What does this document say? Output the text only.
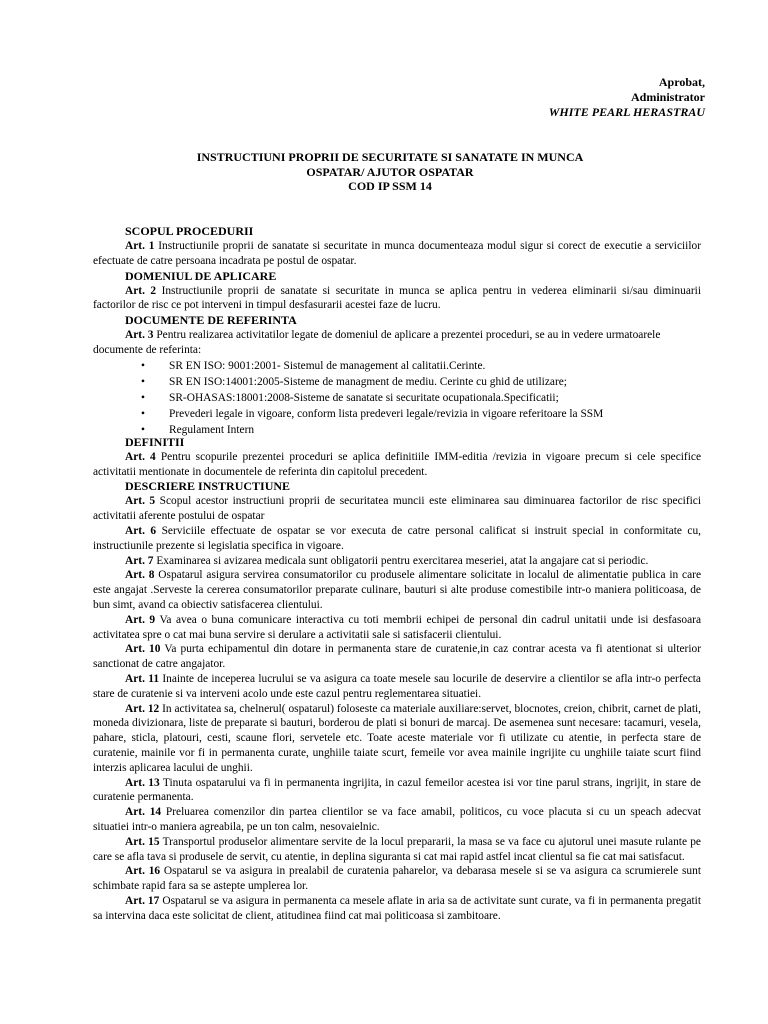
Aprobat,
Administrator
WHITE PEARL HERASTRAU
INSTRUCTIUNI PROPRII DE SECURITATE SI SANATATE IN MUNCA
OSPATAR/ AJUTOR OSPATAR
COD IP SSM 14
SCOPUL PROCEDURII
Art. 1 Instructiunile proprii de sanatate si securitate in munca documenteaza modul sigur si corect de executie a serviciilor efectuate de catre persoana incadrata pe postul de ospatar.
DOMENIUL DE APLICARE
Art. 2 Instructiunile proprii de sanatate si securitate in munca se aplica pentru in vederea eliminarii si/sau diminuarii factorilor de risc ce pot interveni in timpul desfasurarii acestei faze de lucru.
DOCUMENTE DE REFERINTA
Art. 3 Pentru realizarea activitatilor legate de domeniul de aplicare a prezentei proceduri, se au in vedere urmatoarele documente de referinta:
• SR EN ISO: 9001:2001- Sistemul de management al calitatii.Cerinte.
• SR EN ISO:14001:2005-Sisteme de managment de mediu. Cerinte cu ghid de utilizare;
• SR-OHASAS:18001:2008-Sisteme de sanatate si securitate ocupationala.Specificatii;
• Prevederi legale in vigoare, conform lista predeveri legale/revizia in vigoare referitoare la SSM
• Regulament Intern
DEFINITII
Art. 4 Pentru scopurile prezentei proceduri se aplica definitiile IMM-editia /revizia in vigoare precum si cele specifice activitatii mentionate in documentele de referinta din capitolul precedent.
DESCRIERE INSTRUCTIUNE
Art. 5 Scopul acestor instructiuni proprii de securitatea muncii este eliminarea sau diminuarea factorilor de risc specifici activitatii aferente postului de ospatar
Art. 6 Serviciile effectuate de ospatar se vor executa de catre personal calificat si instruit special in conformitate cu, instructiunile prezente si legislatia specifica in vigoare.
Art. 7 Examinarea si avizarea medicala sunt obligatorii pentru exercitarea meseriei, atat la angajare cat si periodic.
Art. 8 Ospatarul asigura servirea consumatorilor cu produsele alimentare solicitate in localul de alimentatie publica in care este angajat .Serveste la cererea consumatorilor preparate culinare, bauturi si alte produse comestibile intr-o maniera politicoasa, de bun simt, avand ca obiectiv satisfacerea clientului.
Art. 9 Va avea o buna comunicare interactiva cu toti membrii echipei de personal din cadrul unitatii unde isi desfasoara activitatea spre o cat mai buna servire si derulare a activitatii sale si satisfacerii clientului.
Art. 10 Va purta echipamentul din dotare in permanenta stare de curatenie,in caz contrar acesta va fi atentionat si ulterior sanctionat de catre angajator.
Art. 11 Inainte de inceperea lucrului se va asigura ca toate mesele sau locurile de deservire a clientilor se afla intr-o perfecta stare de curatenie si va interveni acolo unde este cazul pentru reglementarea situatiei.
Art. 12 In activitatea sa, chelnerul( ospatarul) foloseste ca materiale auxiliare:servet, blocnotes, creion, chibrit, carnet de plati, moneda divizionara, liste de preparate si bauturi, borderou de plati si bonuri de marcaj. De asemenea sunt necesare: tacamuri, vesela, pahare, sticla, platouri, cesti, scaune flori, servetele etc. Toate aceste materiale vor fi utilizate cu atentie, in perfecta stare de curatenie, mainile vor fi in permanenta curate, unghiile taiate scurt, femeile vor avea mainile ingrijite cu unghiile taiate scurt fiind interzis aplicarea lacului de unghii.
Art. 13 Tinuta ospatarului va fi in permanenta ingrijita, in cazul femeilor acestea isi vor tine parul strans, ingrijit, in stare de curatenie permanenta.
Art. 14 Preluarea comenzilor din partea clientilor se va face amabil, politicos, cu voce placuta si cu un speach adecvat situatiei intr-o maniera agreabila, pe un ton calm, nesovaielnic.
Art. 15 Transportul produselor alimentare servite de la locul prepararii, la masa se va face cu ajutorul unei masute rulante pe care se afla tava si produsele de servit, cu atentie, in deplina siguranta si cat mai rapid astfel incat clientul sa fie cat mai satisfacut.
Art. 16 Ospatarul se va asigura in prealabil de curatenia paharelor, va debarasa mesele si se va asigura ca scrumierele sunt schimbate rapid fara sa se astepte umplerea lor.
Art. 17 Ospatarul se va asigura in permanenta ca mesele aflate in aria sa de activitate sunt curate, va fi in permanenta pregatit sa intervina daca este solicitat de client, atitudinea fiind cat mai politicoasa si zambitoare.
